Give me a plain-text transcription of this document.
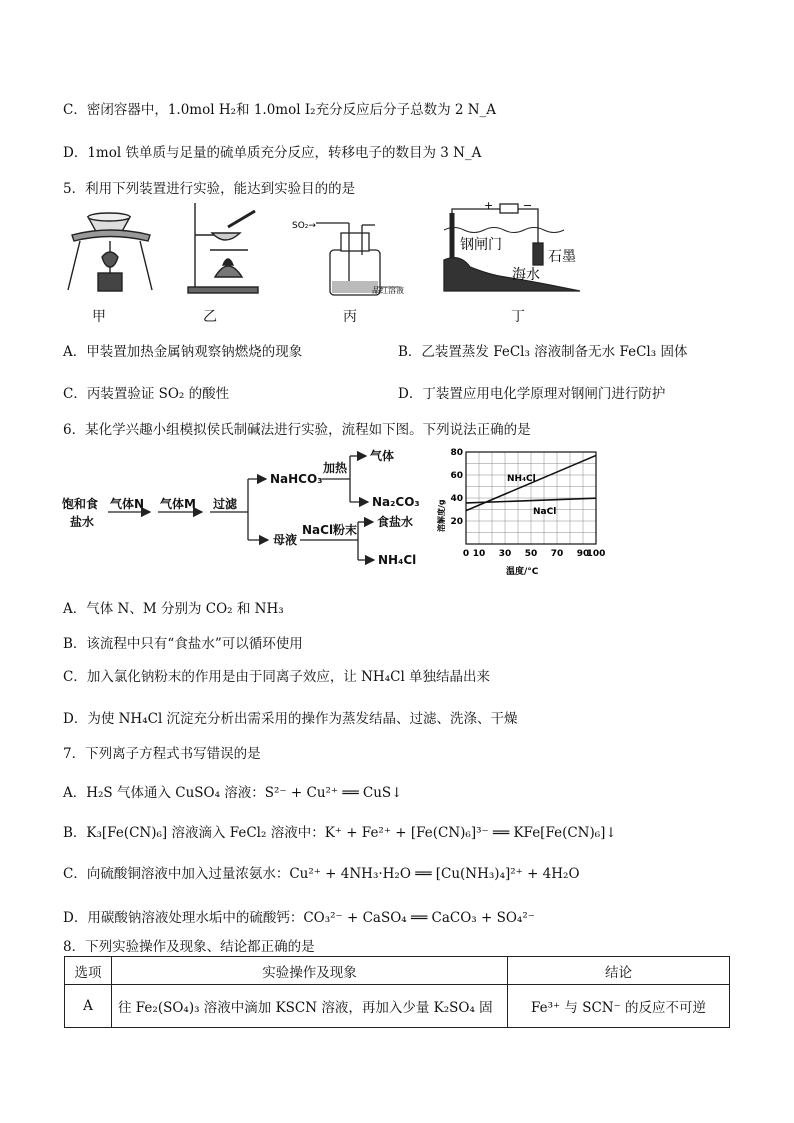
C．密闭容器中，1.0mol H₂和 1.0mol I₂充分反应后分子总数为 2 N_A
D．1mol 铁单质与足量的硫单质充分反应，转移电子的数目为 3 N_A
5．利用下列装置进行实验，能达到实验目的的是
SO₂→
品红溶液
+	−
钢闸门
石墨
海水
甲	乙	丙	丁
A．甲装置加热金属钠观察钠燃烧的现象	B．乙装置蒸发 FeCl₃ 溶液制备无水 FeCl₃ 固体
C．丙装置验证 SO₂ 的酸性	D．丁装置应用电化学原理对钢闸门进行防护
6．某化学兴趣小组模拟侯氏制碱法进行实验，流程如下图。下列说法正确的是
饱和食
盐水
气体N 气体M 过滤
NaHCO₃
加热
气体
Na₂CO₃
母液
NaCl粉末
食盐水
NH₄Cl	0 10 30 50 70 90
100
20
40
60
80
溶解度/g
温度/°C
NH₄Cl
NaCl
A．气体 N、M 分别为 CO₂ 和 NH₃
B．该流程中只有“食盐水”可以循环使用
C．加入氯化钠粉末的作用是由于同离子效应，让 NH₄Cl 单独结晶出来
D．为使 NH₄Cl 沉淀充分析出需采用的操作为蒸发结晶、过滤、洗涤、干燥
7．下列离子方程式书写错误的是
A．H₂S 气体通入 CuSO₄ 溶液：S²⁻ + Cu²⁺ ══ CuS↓
B．K₃[Fe(CN)₆] 溶液滴入 FeCl₂ 溶液中：K⁺ + Fe²⁺ + [Fe(CN)₆]³⁻ ══ KFe[Fe(CN)₆]↓
C．向硫酸铜溶液中加入过量浓氨水：Cu²⁺ + 4NH₃·H₂O ══ [Cu(NH₃)₄]²⁺ + 4H₂O
D．用碳酸钠溶液处理水垢中的硫酸钙：CO₃²⁻ + CaSO₄ ══ CaCO₃ + SO₄²⁻
8．下列实验操作及现象、结论都正确的是
选项	实验操作及现象	结论
A	往 Fe₂(SO₄)₃ 溶液中滴加 KSCN 溶液，再加入少量 K₂SO₄ 固	Fe³⁺ 与 SCN⁻ 的反应不可逆
